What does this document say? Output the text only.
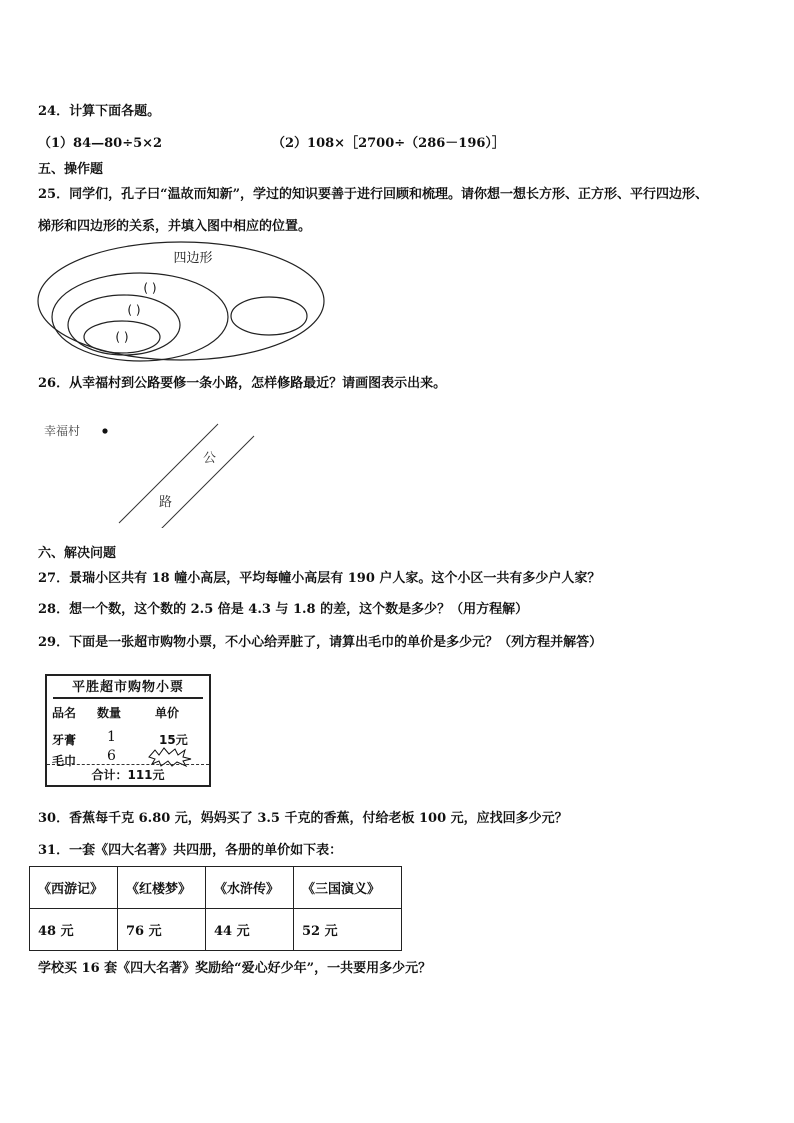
24．计算下面各题。
（1）84—80÷5×2	（2）108×［2700÷（286－196）］
五、操作题
25．同学们，孔子曰“温故而知新”，学过的知识要善于进行回顾和梳理。请你想一想长方形、正方形、平行四边形、
梯形和四边形的关系，并填入图中相应的位置。
四边形
( )
( )
( )
26．从幸福村到公路要修一条小路，怎样修路最近？请画图表示出来。
幸福村
公
路
六、解决问题
27．景瑞小区共有 18 幢小高层，平均每幢小高层有 190 户人家。这个小区一共有多少户人家？
28．想一个数，这个数的 2.5 倍是 4.3 与 1.8 的差，这个数是多少？（用方程解）
29．下面是一张超市购物小票，不小心给弄脏了，请算出毛巾的单价是多少元？（列方程并解答）
平胜超市购物小票
品名 数量	单价
牙膏 1	15元
毛巾 6
合计：111元
30．香蕉每千克 6.80 元，妈妈买了 3.5 千克的香蕉，付给老板 100 元，应找回多少元？
31．一套《四大名著》共四册，各册的单价如下表：
《西游记》	《红楼梦》	《水浒传》	《三国演义》
48 元	76 元	44 元	52 元
学校买 16 套《四大名著》奖励给“爱心好少年”，一共要用多少元？
